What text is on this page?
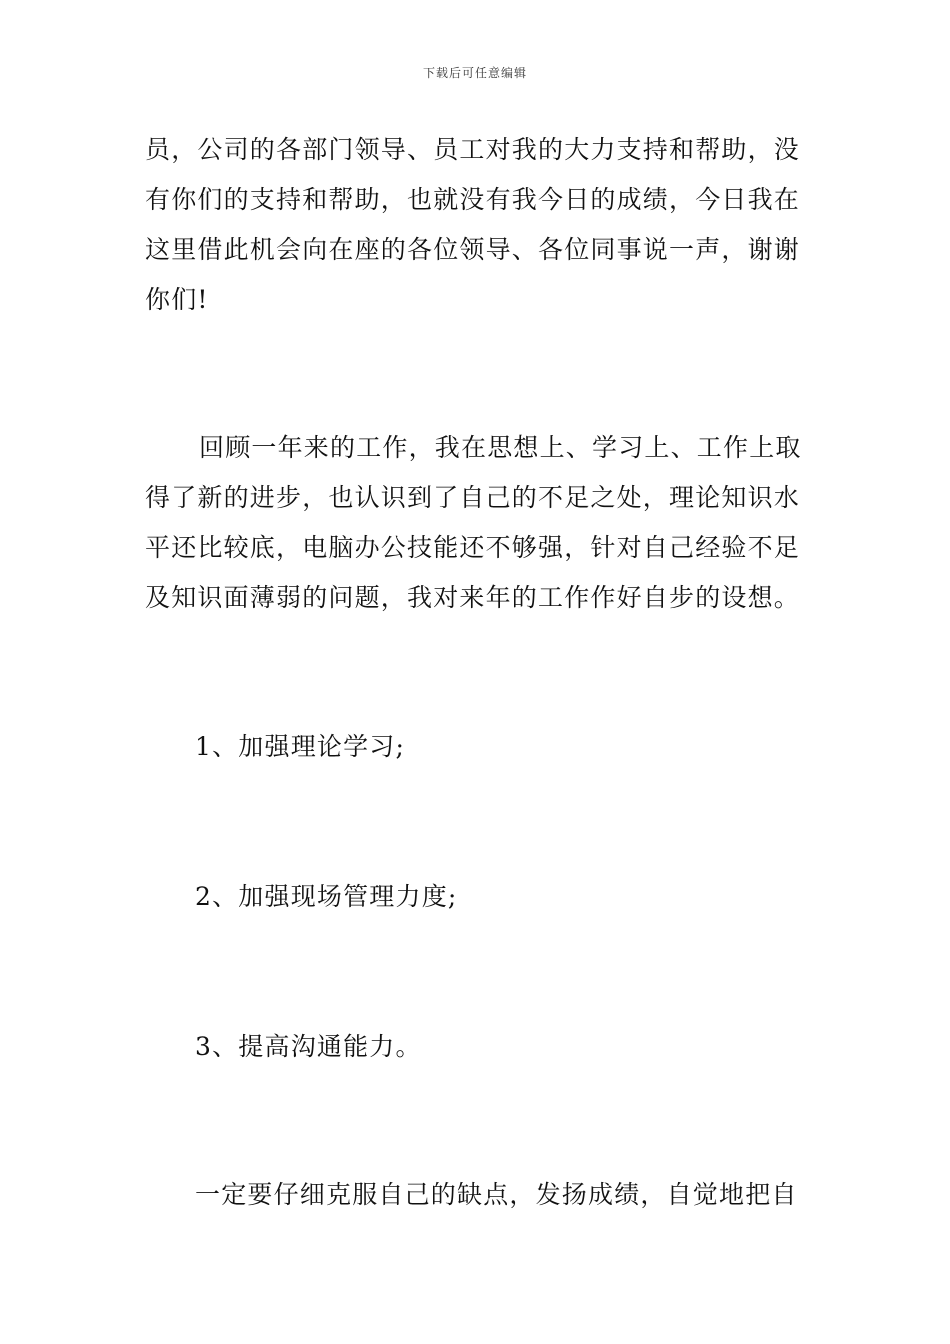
下载后可任意编辑
员，公司的各部门领导、员工对我的大力支持和帮助，没
有你们的支持和帮助，也就没有我今日的成绩，今日我在
这里借此机会向在座的各位领导、各位同事说一声，谢谢
你们!
回顾一年来的工作，我在思想上、学习上、工作上取
得了新的进步，也认识到了自己的不足之处，理论知识水
平还比较底，电脑办公技能还不够强，针对自己经验不足
及知识面薄弱的问题，我对来年的工作作好自步的设想。
1、加强理论学习;
2、加强现场管理力度;
3、提高沟通能力。
一定要仔细克服自己的缺点，发扬成绩，自觉地把自
